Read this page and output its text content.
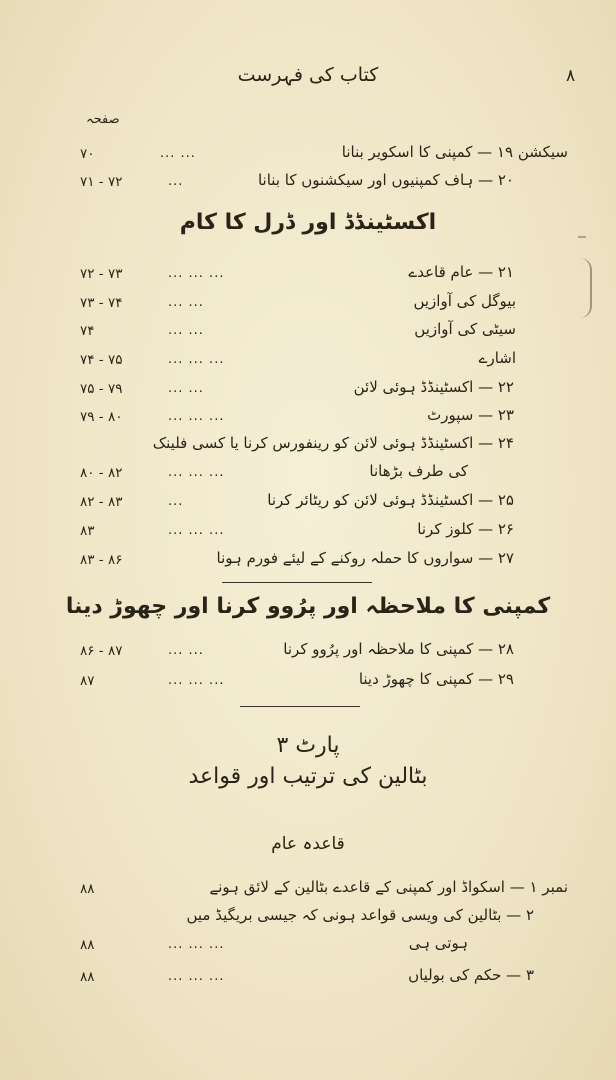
۸
کتاب کی فہرست
صفحہ
سیکشن ۱۹ — کمپنی کا اسکویر بنانا
... ...
۷۰
۲۰ — ہاف کمپنیوں اور سیکشنوں کا بنانا
...
۷۱ - ۷۲
اکسٹینڈڈ اور ڈرل کا کام
۲۱ — عام قاعدے
... ... ...
۷۲ - ۷۳
بیوگل کی آوازیں
... ...
۷۳ - ۷۴
سیٹی کی آوازیں
... ...
۷۴
اشارے
... ... ...
۷۴ - ۷۵
۲۲ — اکسٹینڈڈ ہوئی لائن
... ...
۷۵ - ۷۹
۲۳ — سپورٹ
... ... ...
۷۹ - ۸۰
۲۴ — اکسٹینڈڈ ہوئی لائن کو رینفورس کرنا یا کسی فلینک
کی طرف بڑھانا
... ... ...
۸۰ - ۸۲
۲۵ — اکسٹینڈڈ ہوئی لائن کو ریٹائر کرنا
...
۸۲ - ۸۳
۲۶ — کلوز کرنا
... ... ...
۸۳
۲۷ — سواروں کا حملہ روکنے کے لیئے فورم ہونا
۸۳ - ۸۶
کمپنی کا ملاحظہ اور پرُوو کرنا اور چھوڑ دینا
۲۸ — کمپنی کا ملاحظہ اور پرُوو کرنا
... ...
۸۶ - ۸۷
۲۹ — کمپنی کا چھوڑ دینا
... ... ...
۸۷
پارٹ ۳
بٹالین کی ترتیب اور قواعد
قاعدہ عام
نمبر ۱ — اسکواڈ اور کمپنی کے قاعدے بٹالین کے لائق ہونے
۸۸
۲ — بٹالین کی ویسی قواعد ہونی کہ جیسی بریگیڈ میں
ہوتی ہی
... ... ...
۸۸
۳ — حکم کی بولیاں
... ... ...
۸۸
